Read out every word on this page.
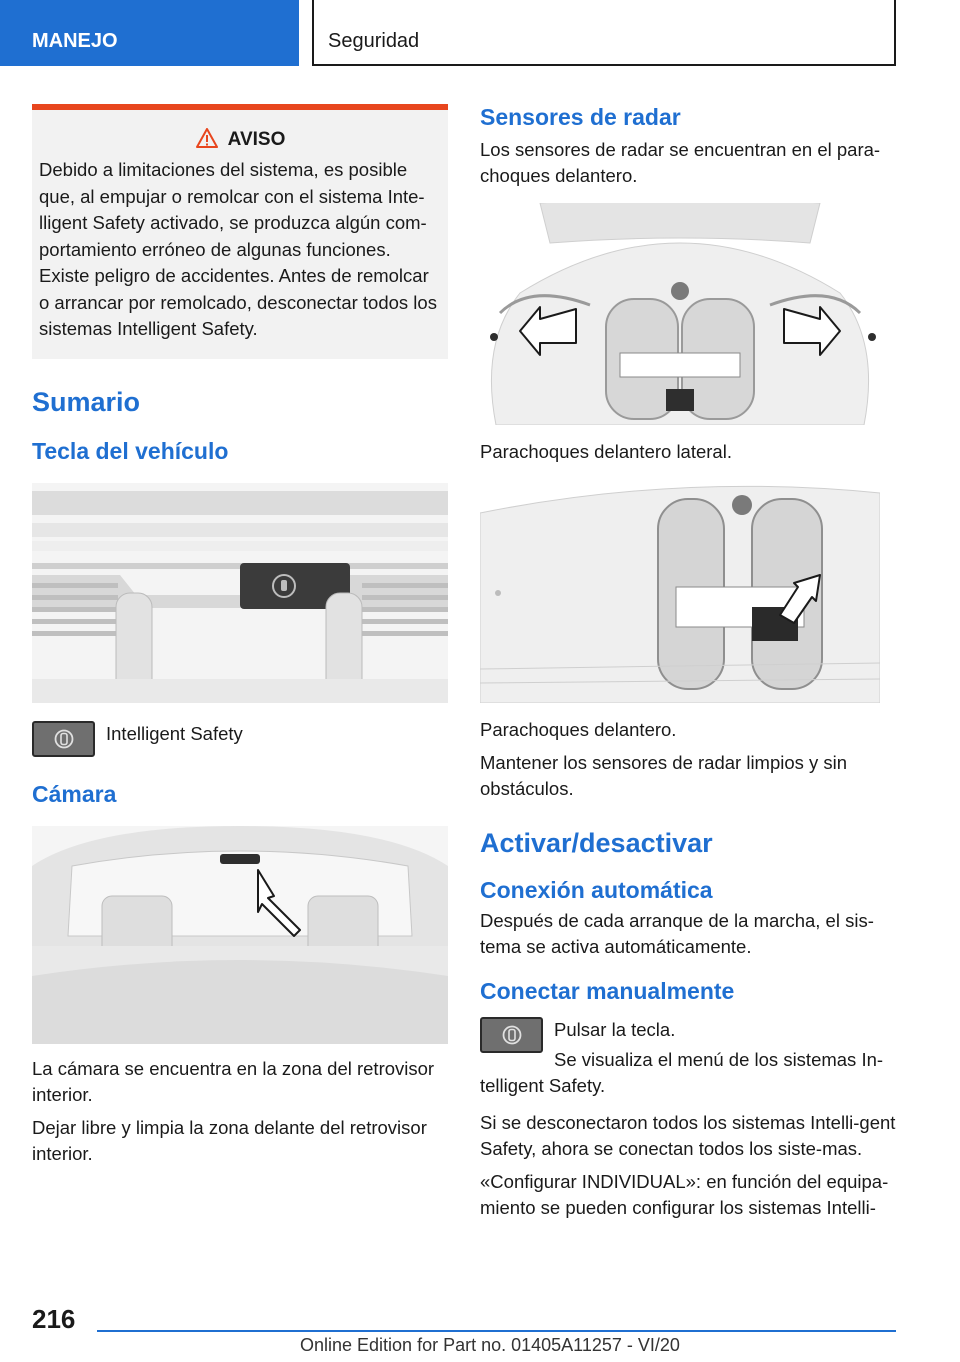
MANEJO	Seguridad
AVISO

Debido a limitaciones del sistema, es posible que, al empujar o remolcar con el sistema Inte-lligent Safety activado, se produzca algún com-portamiento erróneo de algunas funciones. Existe peligro de accidentes. Antes de remolcar o arrancar por remolcado, desconectar todos los sistemas Intelligent Safety.

Sumario
Tecla del vehículo

Intelligent Safety

Cámara

La cámara se encuentra en la zona del retrovisor interior.

Dejar libre y limpia la zona delante del retrovisor interior.

Sensores de radar

Los sensores de radar se encuentran en el para-choques delantero.

Parachoques delantero lateral.

Parachoques delantero.

Mantener los sensores de radar limpios y sin obstáculos.

Activar/desactivar
Conexión automática

Después de cada arranque de la marcha, el sis-tema se activa automáticamente.

Conectar manualmente

Pulsar la tecla.

Se visualiza el menú de los sistemas In-telligent Safety.

Si se desconectaron todos los sistemas Intelli-gent Safety, ahora se conectan todos los siste-mas.

«Configurar INDIVIDUAL»: en función del equipa-miento se pueden configurar los sistemas Intelli-

216
Online Edition for Part no. 01405A11257 - VI/20
